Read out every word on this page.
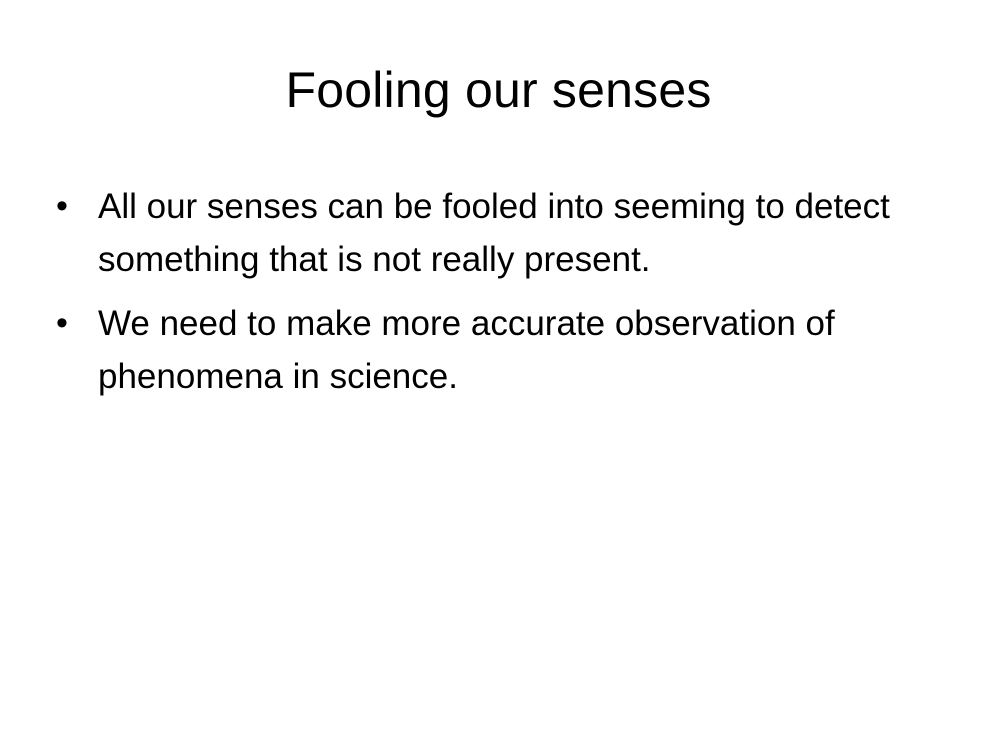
Fooling our senses
• All our senses can be fooled into seeming to detect something that is not really present.
• We need to make more accurate observation of phenomena in science.
